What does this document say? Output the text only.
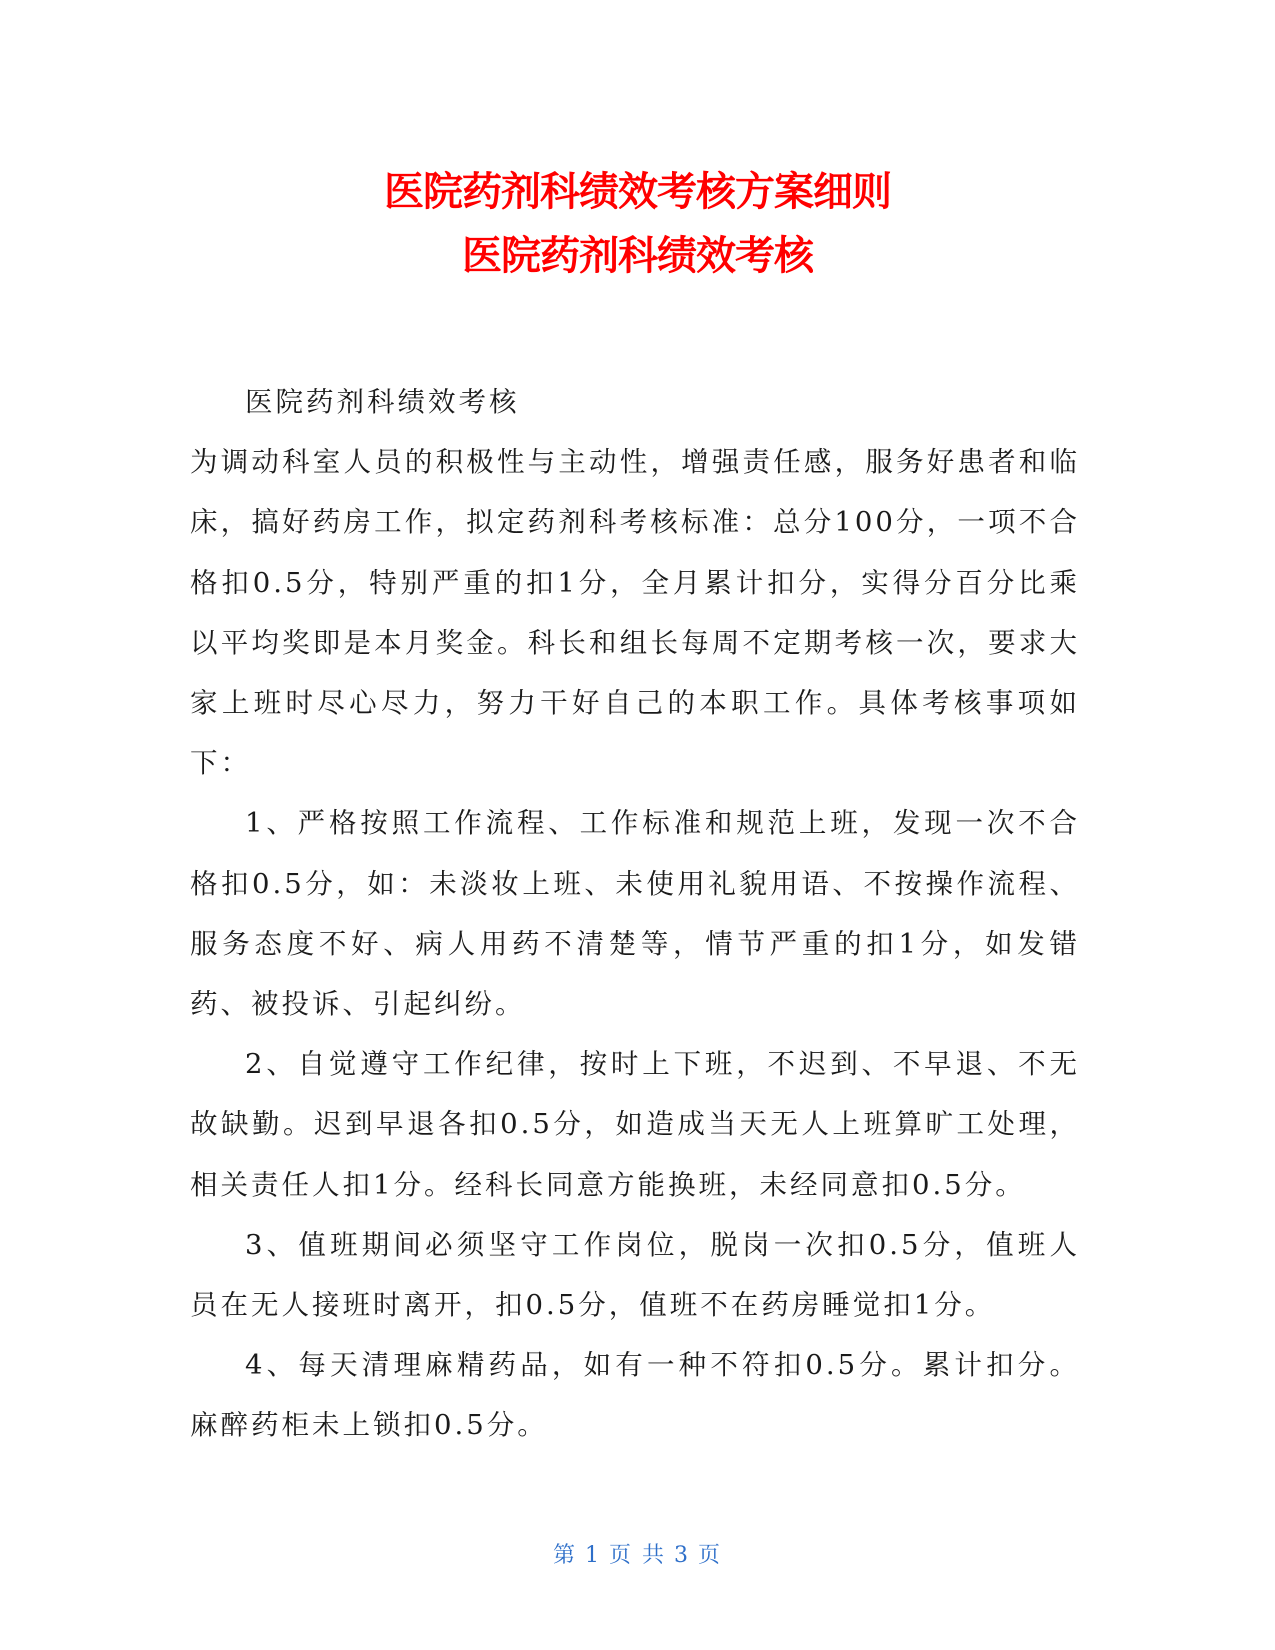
医院药剂科绩效考核方案细则
医院药剂科绩效考核

医院药剂科绩效考核

为调动科室人员的积极性与主动性，增强责任感，服务好患者和临床，搞好药房工作，拟定药剂科考核标准：总分100分，一项不合格扣0.5分，特别严重的扣1分，全月累计扣分，实得分百分比乘以平均奖即是本月奖金。科长和组长每周不定期考核一次，要求大家上班时尽心尽力，努力干好自己的本职工作。具体考核事项如下：

1、严格按照工作流程、工作标准和规范上班，发现一次不合格扣0.5分，如：未淡妆上班、未使用礼貌用语、不按操作流程、服务态度不好、病人用药不清楚等，情节严重的扣1分，如发错药、被投诉、引起纠纷。

2、自觉遵守工作纪律，按时上下班，不迟到、不早退、不无故缺勤。迟到早退各扣0.5分，如造成当天无人上班算旷工处理，相关责任人扣1分。经科长同意方能换班，未经同意扣0.5分。

3、值班期间必须坚守工作岗位，脱岗一次扣0.5分，值班人员在无人接班时离开，扣0.5分，值班不在药房睡觉扣1分。

4、每天清理麻精药品，如有一种不符扣0.5分。累计扣分。麻醉药柜未上锁扣0.5分。

第 1 页 共 3 页
